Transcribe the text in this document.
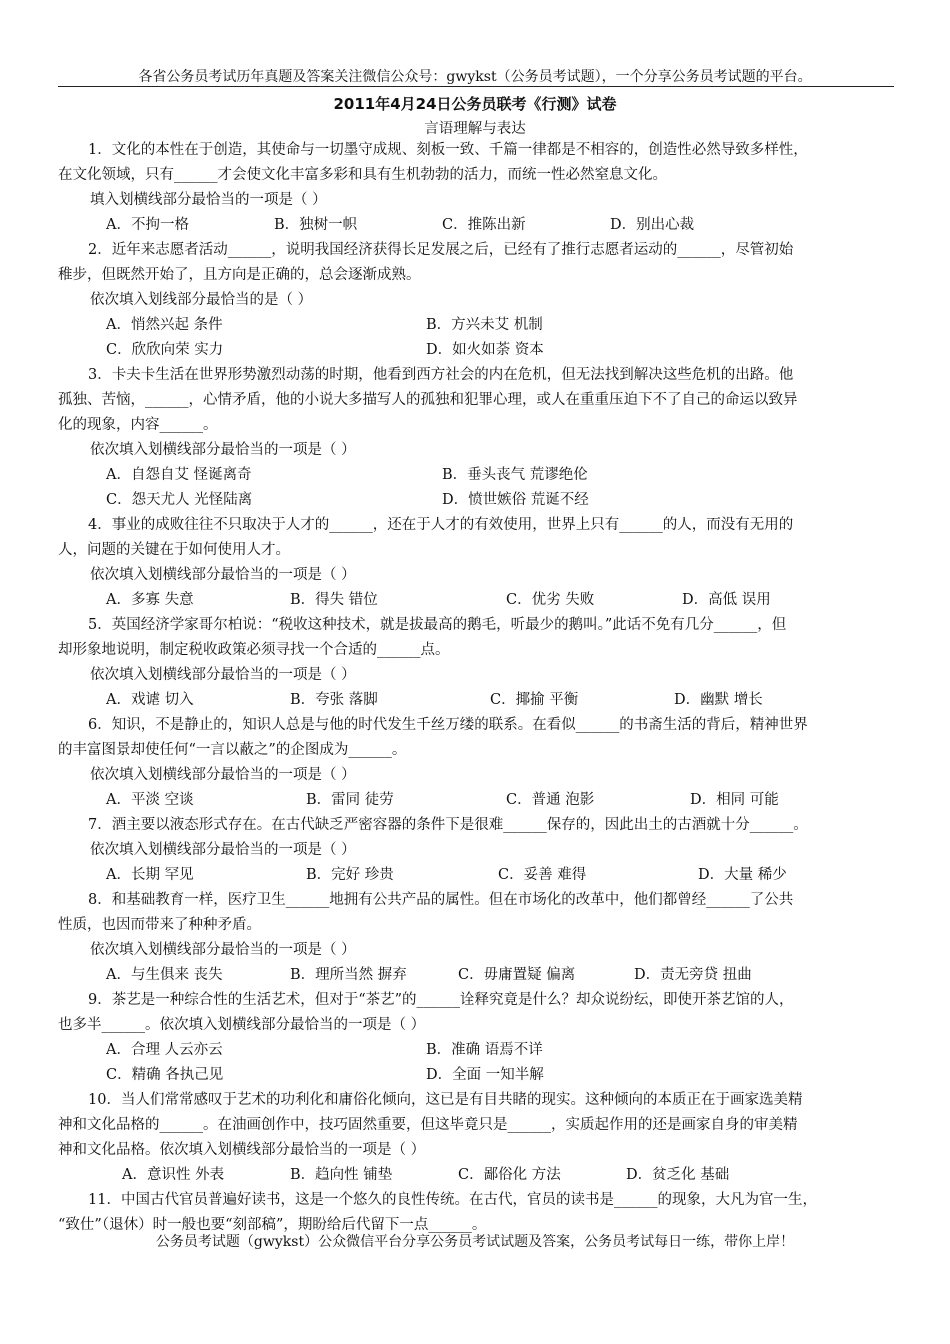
各省公务员考试历年真题及答案关注微信公众号：gwykst（公务员考试题），一个分享公务员考试题的平台。
2011年4月24日公务员联考《行测》试卷
言语理解与表达
1．文化的本性在于创造，其使命与一切墨守成规、刻板一致、千篇一律都是不相容的，创造性必然导致多样性，
在文化领域，只有______才会使文化丰富多彩和具有生机勃勃的活力，而统一性必然窒息文化。
填入划横线部分最恰当的一项是（ ）
A．不拘一格	B．独树一帜	C．推陈出新	D．别出心裁
2．近年来志愿者活动______，说明我国经济获得长足发展之后，已经有了推行志愿者运动的______，尽管初始
稚步，但既然开始了，且方向是正确的，总会逐渐成熟。
依次填入划线部分最恰当的是（ ）
A．悄然兴起 条件	B．方兴未艾 机制
C．欣欣向荣 实力	D．如火如荼 资本
3．卡夫卡生活在世界形势激烈动荡的时期，他看到西方社会的内在危机，但无法找到解决这些危机的出路。他
孤独、苦恼，______，心情矛盾，他的小说大多描写人的孤独和犯罪心理，或人在重重压迫下不了自己的命运以致异
化的现象，内容______。
依次填入划横线部分最恰当的一项是（ ）
A．自怨自艾 怪诞离奇	B．垂头丧气 荒谬绝伦
C．怨天尤人 光怪陆离	D．愤世嫉俗 荒诞不经
4．事业的成败往往不只取决于人才的______，还在于人才的有效使用，世界上只有______的人，而没有无用的
人，问题的关键在于如何使用人才。
依次填入划横线部分最恰当的一项是（ ）
A．多寡 失意	B．得失 错位	C．优劣 失败	D．高低 误用
5．英国经济学家哥尔柏说：“税收这种技术，就是拔最高的鹅毛，听最少的鹅叫。”此话不免有几分______，但
却形象地说明，制定税收政策必须寻找一个合适的______点。
依次填入划横线部分最恰当的一项是（ ）
A．戏谑 切入	B．夸张 落脚	C．揶揄 平衡	D．幽默 增长
6．知识，不是静止的，知识人总是与他的时代发生千丝万缕的联系。在看似______的书斋生活的背后，精神世界
的丰富图景却使任何“一言以蔽之”的企图成为______。
依次填入划横线部分最恰当的一项是（ ）
A．平淡 空谈	B．雷同 徒劳	C．普通 泡影	D．相同 可能
7．酒主要以液态形式存在。在古代缺乏严密容器的条件下是很难______保存的，因此出土的古酒就十分______。
依次填入划横线部分最恰当的一项是（ ）
A．长期 罕见	B．完好 珍贵	C．妥善 难得	D．大量 稀少
8．和基础教育一样，医疗卫生______地拥有公共产品的属性。但在市场化的改革中，他们都曾经______了公共
性质，也因而带来了种种矛盾。
依次填入划横线部分最恰当的一项是（ ）
A．与生俱来 丧失	B．理所当然 摒弃	C．毋庸置疑 偏离	D．责无旁贷 扭曲
9．茶艺是一种综合性的生活艺术，但对于“茶艺”的______诠释究竟是什么？却众说纷纭，即使开茶艺馆的人，
也多半______。依次填入划横线部分最恰当的一项是（ ）
A．合理 人云亦云	B．准确 语焉不详
C．精确 各执己见	D．全面 一知半解
10．当人们常常感叹于艺术的功利化和庸俗化倾向，这已是有目共睹的现实。这种倾向的本质正在于画家选美精
神和文化品格的______。在油画创作中，技巧固然重要，但这毕竟只是______，实质起作用的还是画家自身的审美精
神和文化品格。依次填入划横线部分最恰当的一项是（ ）
A．意识性 外表	B．趋向性 铺垫	C．鄙俗化 方法	D．贫乏化 基础
11．中国古代官员普遍好读书，这是一个悠久的良性传统。在古代，官员的读书是______的现象，大凡为官一生，
“致仕”（退休）时一般也要“刻部稿”，期盼给后代留下一点______。
公务员考试题（gwykst）公众微信平台分享公务员考试试题及答案，公务员考试每日一练，带你上岸！
